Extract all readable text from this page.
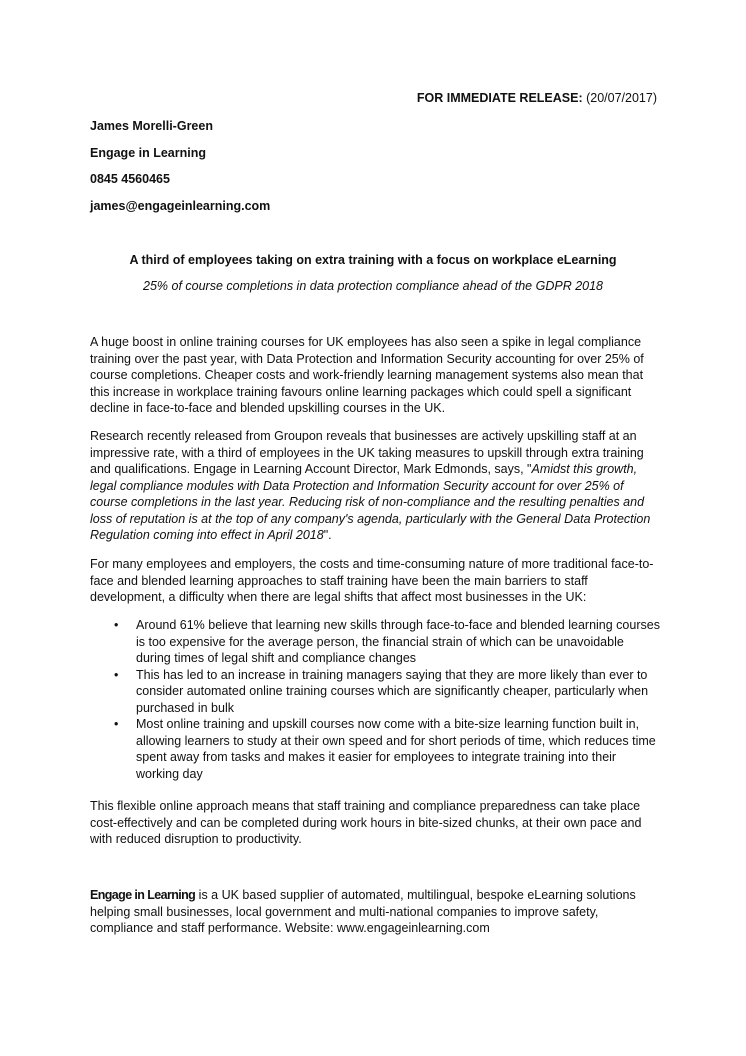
FOR IMMEDIATE RELEASE: (20/07/2017)
James Morelli-Green
Engage in Learning
0845 4560465
james@engageinlearning.com
A third of employees taking on extra training with a focus on workplace eLearning
25% of course completions in data protection compliance ahead of the GDPR 2018

A huge boost in online training courses for UK employees has also seen a spike in legal compliance training over the past year, with Data Protection and Information Security accounting for over 25% of course completions. Cheaper costs and work-friendly learning management systems also mean that this increase in workplace training favours online learning packages which could spell a significant decline in face-to-face and blended upskilling courses in the UK.

Research recently released from Groupon reveals that businesses are actively upskilling staff at an impressive rate, with a third of employees in the UK taking measures to upskill through extra training and qualifications. Engage in Learning Account Director, Mark Edmonds, says, "Amidst this growth, legal compliance modules with Data Protection and Information Security account for over 25% of course completions in the last year. Reducing risk of non-compliance and the resulting penalties and loss of reputation is at the top of any company's agenda, particularly with the General Data Protection Regulation coming into effect in April 2018".

For many employees and employers, the costs and time-consuming nature of more traditional face-to-face and blended learning approaches to staff training have been the main barriers to staff development, a difficulty when there are legal shifts that affect most businesses in the UK:

• Around 61% believe that learning new skills through face-to-face and blended learning courses is too expensive for the average person, the financial strain of which can be unavoidable during times of legal shift and compliance changes
• This has led to an increase in training managers saying that they are more likely than ever to consider automated online training courses which are significantly cheaper, particularly when purchased in bulk
• Most online training and upskill courses now come with a bite-size learning function built in, allowing learners to study at their own speed and for short periods of time, which reduces time spent away from tasks and makes it easier for employees to integrate training into their working day

This flexible online approach means that staff training and compliance preparedness can take place cost-effectively and can be completed during work hours in bite-sized chunks, at their own pace and with reduced disruption to productivity.

Engage in Learning is a UK based supplier of automated, multilingual, bespoke eLearning solutions helping small businesses, local government and multi-national companies to improve safety, compliance and staff performance. Website: www.engageinlearning.com
